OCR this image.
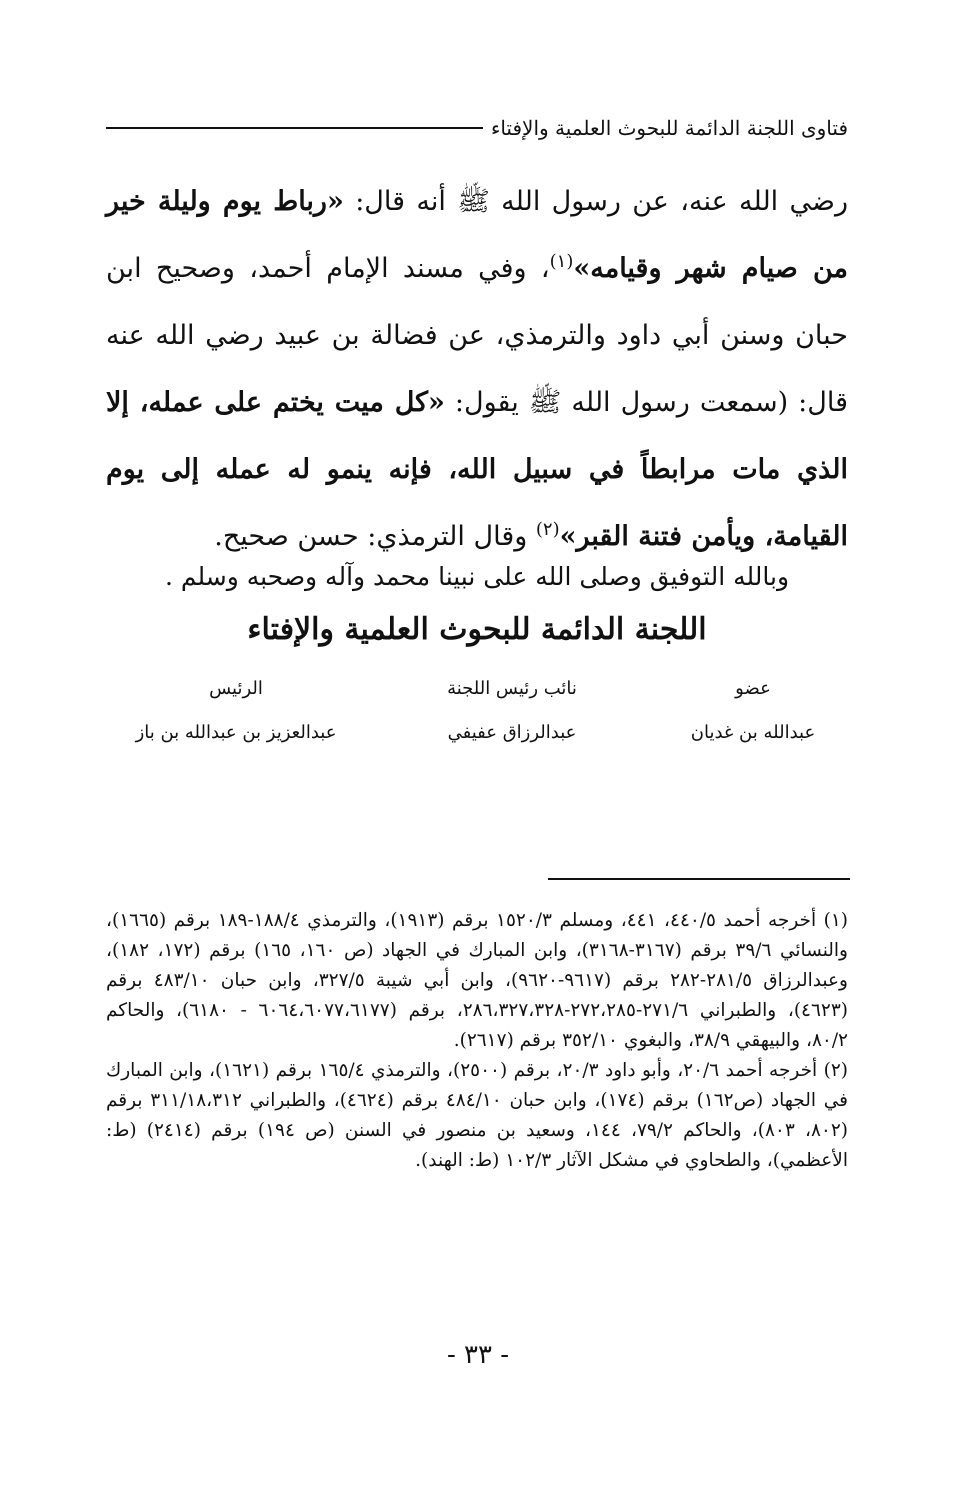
فتاوى اللجنة الدائمة للبحوث العلمية والإفتاء
رضي الله عنه، عن رسول الله ﷺ أنه قال: «رباط يوم وليلة خير من صيام شهر وقيامه»$^{(١)}$، وفي مسند الإمام أحمد، وصحيح ابن حبان وسنن أبي داود والترمذي، عن فضالة بن عبيد رضي الله عنه قال: (سمعت رسول الله ﷺ يقول: «كل ميت يختم على عمله، إلا الذي مات مرابطاً في سبيل الله، فإنه ينمو له عمله إلى يوم القيامة، ويأمن فتنة القبر»$^{(٢)}$ وقال الترمذي: حسن صحيح.
وبالله التوفيق وصلى الله على نبينا محمد وآله وصحبه وسلم .
اللجنة الدائمة للبحوث العلمية والإفتاء
عضو
نائب رئيس اللجنة
الرئيس
عبدالله بن غديان
عبدالرزاق عفيفي
عبدالعزيز بن عبدالله بن باز

(١) أخرجه أحمد ٤٤٠/٥، ٤٤١، ومسلم ١٥٢٠/٣ برقم (١٩١٣)، والترمذي ١٨٨/٤-١٨٩ برقم (١٦٦٥)، والنسائي ٣٩/٦ برقم (٣١٦٧-٣١٦٨)، وابن المبارك في الجهاد (ص ١٦٠، ١٦٥) برقم (١٧٢، ١٨٢)، وعبدالرزاق ٢٨١/٥-٢٨٢ برقم (٩٦١٧-٩٦٢٠)، وابن أبي شيبة ٣٢٧/٥، وابن حبان ٤٨٣/١٠ برقم (٤٦٢٣)، والطبراني ٢٧١/٦-٢٧٢،٢٨٥-٢٨٦،٣٢٧،٣٢٨، برقم (٦٠٦٤،٦٠٧٧،٦١٧٧ - ٦١٨٠)، والحاكم ٨٠/٢، والبيهقي ٣٨/٩، والبغوي ٣٥٢/١٠ برقم (٢٦١٧).

(٢) أخرجه أحمد ٢٠/٦، وأبو داود ٢٠/٣، برقم (٢٥٠٠)، والترمذي ١٦٥/٤ برقم (١٦٢١)، وابن المبارك في الجهاد (ص١٦٢) برقم (١٧٤)، وابن حبان ٤٨٤/١٠ برقم (٤٦٢٤)، والطبراني ٣١١/١٨،٣١٢ برقم (٨٠٢، ٨٠٣)، والحاكم ٧٩/٢، ١٤٤، وسعيد بن منصور في السنن (ص ١٩٤) برقم (٢٤١٤) (ط: الأعظمي)، والطحاوي في مشكل الآثار ١٠٢/٣ (ط: الهند).

- ٣٣ -
